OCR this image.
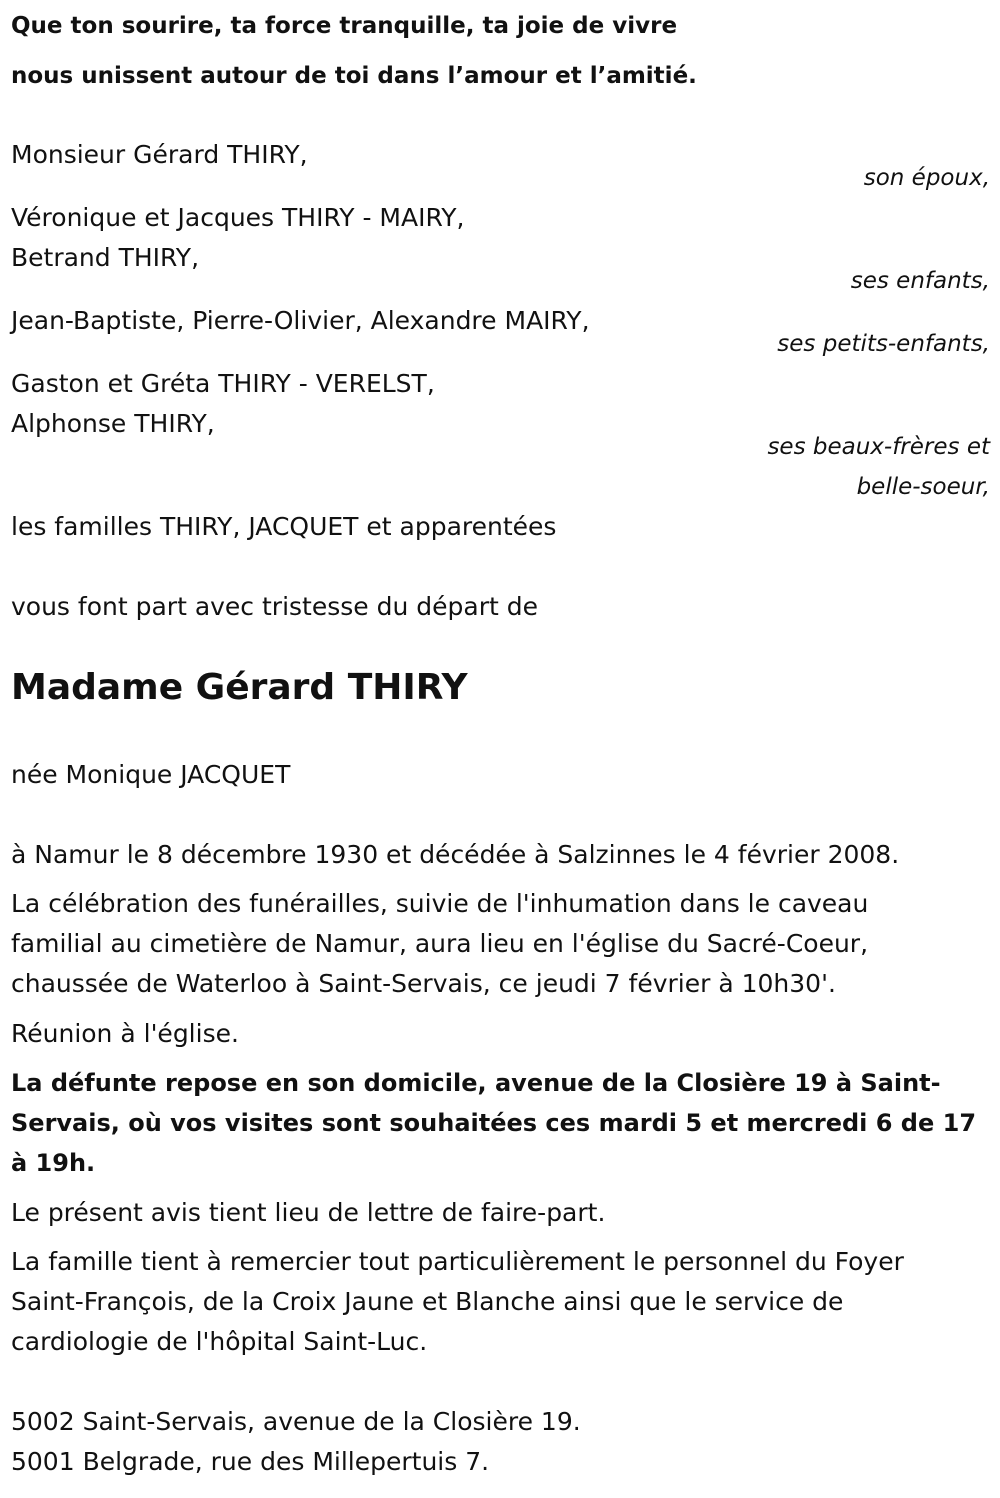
Que ton sourire, ta force tranquille, ta joie de vivre
nous unissent autour de toi dans l’amour et l’amitié.
Monsieur Gérard THIRY,
son époux,
Véronique et Jacques THIRY - MAIRY,
Betrand THIRY,
ses enfants,
Jean-Baptiste, Pierre-Olivier, Alexandre MAIRY,
ses petits-enfants,
Gaston et Gréta THIRY - VERELST,
Alphonse THIRY,
ses beaux-frères et
belle-soeur,
les familles THIRY, JACQUET et apparentées
vous font part avec tristesse du départ de
Madame Gérard THIRY
née Monique JACQUET
à Namur le 8 décembre 1930 et décédée à Salzinnes le 4 février 2008.
La célébration des funérailles, suivie de l'inhumation dans le caveau
familial au cimetière de Namur, aura lieu en l'église du Sacré-Coeur,
chaussée de Waterloo à Saint-Servais, ce jeudi 7 février à 10h30'.
Réunion à l'église.
La défunte repose en son domicile, avenue de la Closière 19 à Saint-
Servais, où vos visites sont souhaitées ces mardi 5 et mercredi 6 de 17
à 19h.
Le présent avis tient lieu de lettre de faire-part.
La famille tient à remercier tout particulièrement le personnel du Foyer
Saint-François, de la Croix Jaune et Blanche ainsi que le service de
cardiologie de l'hôpital Saint-Luc.
5002 Saint-Servais, avenue de la Closière 19.
5001 Belgrade, rue des Millepertuis 7.
